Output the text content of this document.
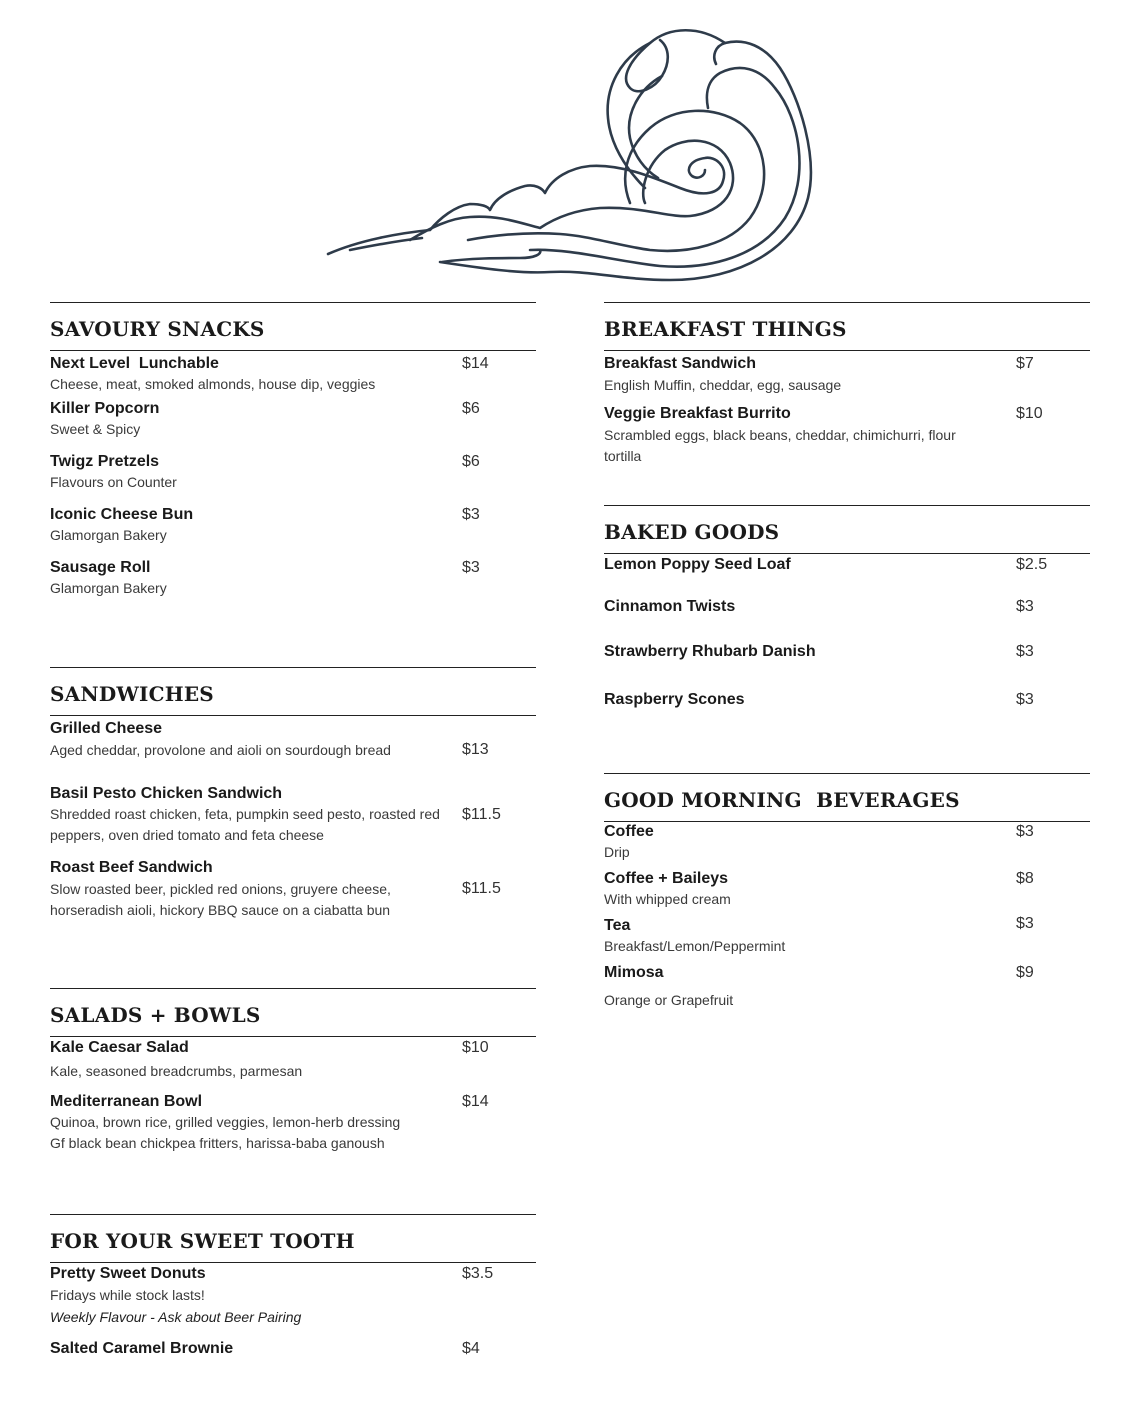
SAVOURY SNACKS
Next Level  Lunchable
Cheese, meat, smoked almonds, house dip, veggies
$14
Killer Popcorn
Sweet & Spicy
$6
Twigz Pretzels
Flavours on Counter
$6
Iconic Cheese Bun
Glamorgan Bakery
$3
Sausage Roll
Glamorgan Bakery
$3
SANDWICHES
Grilled Cheese
Aged cheddar, provolone and aioli on sourdough bread	$13
Basil Pesto Chicken Sandwich
Shredded roast chicken, feta, pumpkin seed pesto, roasted red peppers, oven dried tomato and feta cheese
$11.5
Roast Beef Sandwich
Slow roasted beer, pickled red onions, gruyere cheese, horseradish aioli, hickory BBQ sauce on a ciabatta bun
$11.5
SALADS + BOWLS
Kale Caesar Salad
Kale, seasoned breadcrumbs, parmesan
$10
Mediterranean Bowl
Quinoa, brown rice, grilled veggies, lemon-herb dressing
Gf black bean chickpea fritters, harissa-baba ganoush
$14
FOR YOUR SWEET TOOTH
Pretty Sweet Donuts
Fridays while stock lasts!
Weekly Flavour - Ask about Beer Pairing
$3.5
Salted Caramel Brownie	$4
BREAKFAST THINGS
Breakfast Sandwich
English Muffin, cheddar, egg, sausage
$7
Veggie Breakfast Burrito
Scrambled eggs, black beans, cheddar, chimichurri, flour tortilla
$10
BAKED GOODS
Lemon Poppy Seed Loaf	$2.5
Cinnamon Twists	$3
Strawberry Rhubarb Danish	$3
Raspberry Scones	$3
GOOD MORNING  BEVERAGES
Coffee
Drip
$3
Coffee + Baileys
With whipped cream
$8
Tea
Breakfast/Lemon/Peppermint
$3
Mimosa
Orange or Grapefruit
$9
